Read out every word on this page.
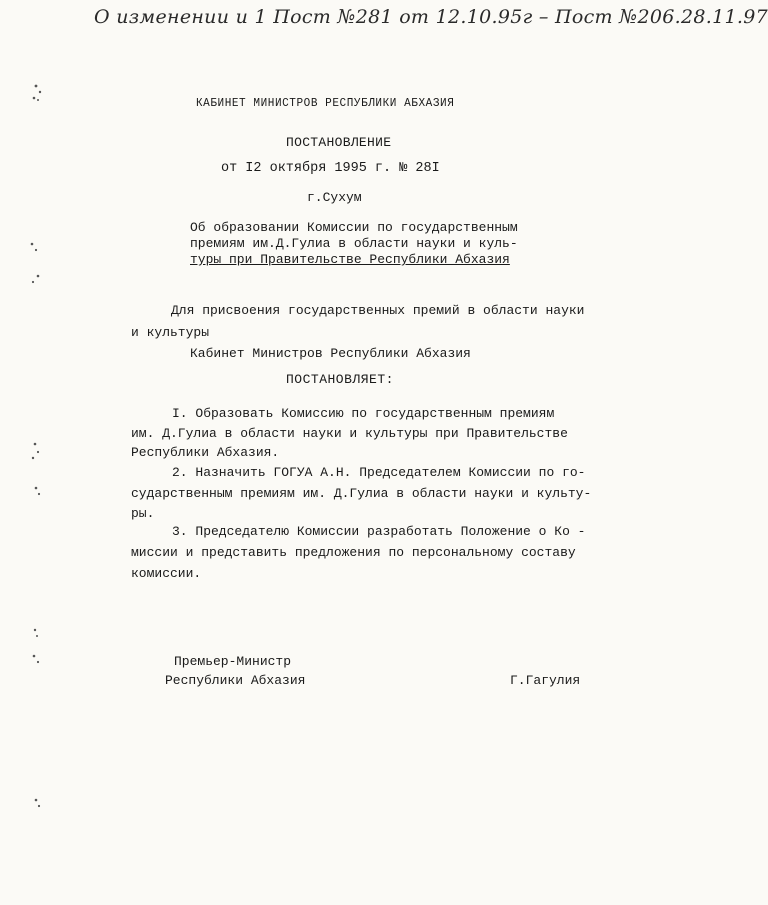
О изменении и 1 Пост №281 от 12.10.95г – Пост №206.28.11.97
КАБИНЕТ МИНИСТРОВ РЕСПУБЛИКИ АБХАЗИЯ
ПОСТАНОВЛЕНИЕ
от I2 октября 1995 г. № 28I
г.Сухум
Об образовании Комиссии по государственным
премиям им.Д.Гулиа в области науки и куль-
туры при Правительстве Республики Абхазия
Для присвоения государственных премий в области науки
и культуры
Кабинет Министров Республики Абхазия
ПОСТАНОВЛЯЕТ:
I. Образовать Комиссию по государственным премиям
им. Д.Гулиа в области науки и культуры при Правительстве
Республики Абхазия.
2. Назначить ГОГУА А.Н. Председателем Комиссии по го-
сударственным премиям им. Д.Гулиа в области науки и культу-
ры.
3. Председателю Комиссии разработать Положение о Ко -
миссии и представить предложения по персональному составу
комиссии.
Премьер-Министр
Республики Абхазия	Г.Гагулия
